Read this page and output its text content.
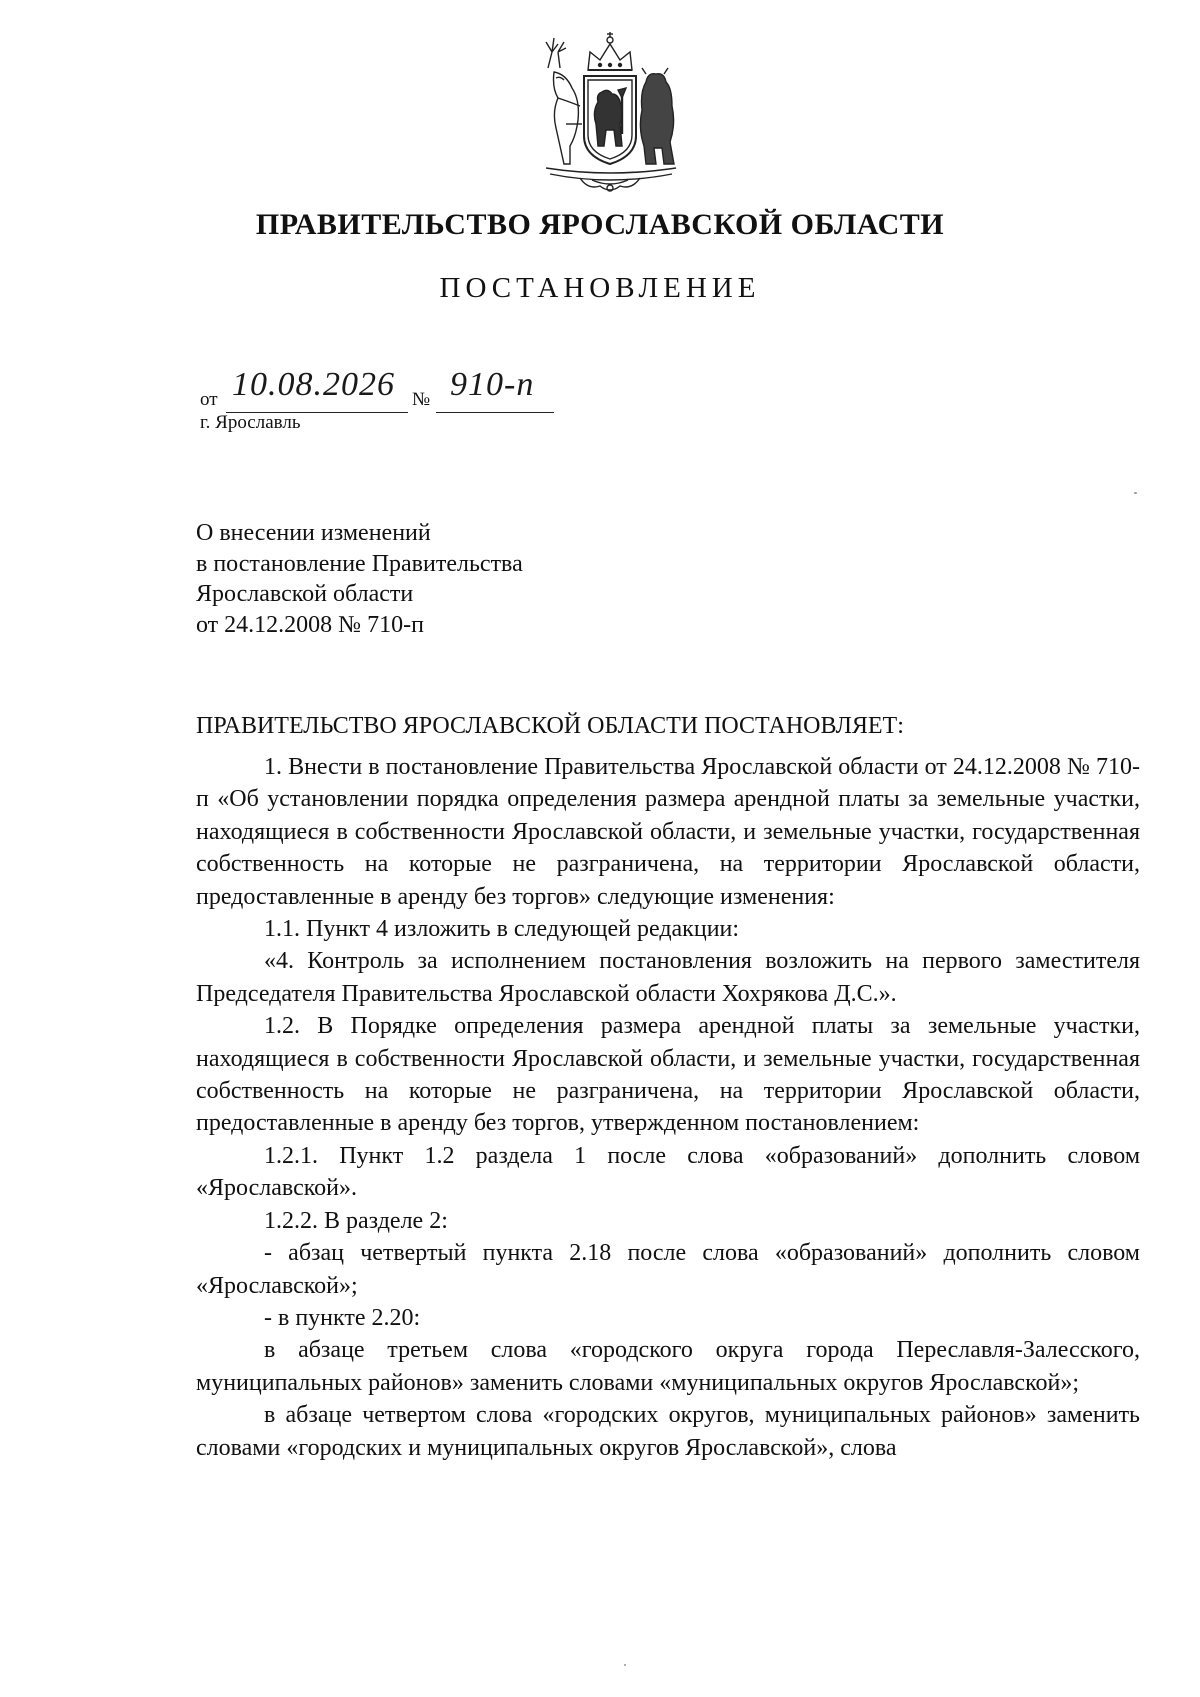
ПРАВИТЕЛЬСТВО ЯРОСЛАВСКОЙ ОБЛАСТИ
ПОСТАНОВЛЕНИЕ
от 10.08.2026 № 910-п
г. Ярославль
О внесении изменений
в постановление Правительства
Ярославской области
от 24.12.2008 № 710-п
ПРАВИТЕЛЬСТВО ЯРОСЛАВСКОЙ ОБЛАСТИ ПОСТАНОВЛЯЕТ:

1. Внести в постановление Правительства Ярославской области от 24.12.2008 № 710-п «Об установлении порядка определения размера арендной платы за земельные участки, находящиеся в собственности Ярославской области, и земельные участки, государственная собственность на которые не разграничена, на территории Ярославской области, предоставленные в аренду без торгов» следующие изменения:

1.1. Пункт 4 изложить в следующей редакции:

«4. Контроль за исполнением постановления возложить на первого заместителя Председателя Правительства Ярославской области Хохрякова Д.С.».

1.2. В Порядке определения размера арендной платы за земельные участки, находящиеся в собственности Ярославской области, и земельные участки, государственная собственность на которые не разграничена, на территории Ярославской области, предоставленные в аренду без торгов, утвержденном постановлением:

1.2.1. Пункт 1.2 раздела 1 после слова «образований» дополнить словом «Ярославской».

1.2.2. В разделе 2:

- абзац четвертый пункта 2.18 после слова «образований» дополнить словом «Ярославской»;

- в пункте 2.20:

в абзаце третьем слова «городского округа города Переславля-Залесского, муниципальных районов» заменить словами «муниципальных округов Ярославской»;

в абзаце четвертом слова «городских округов, муниципальных районов» заменить словами «городских и муниципальных округов Ярославской», слова
